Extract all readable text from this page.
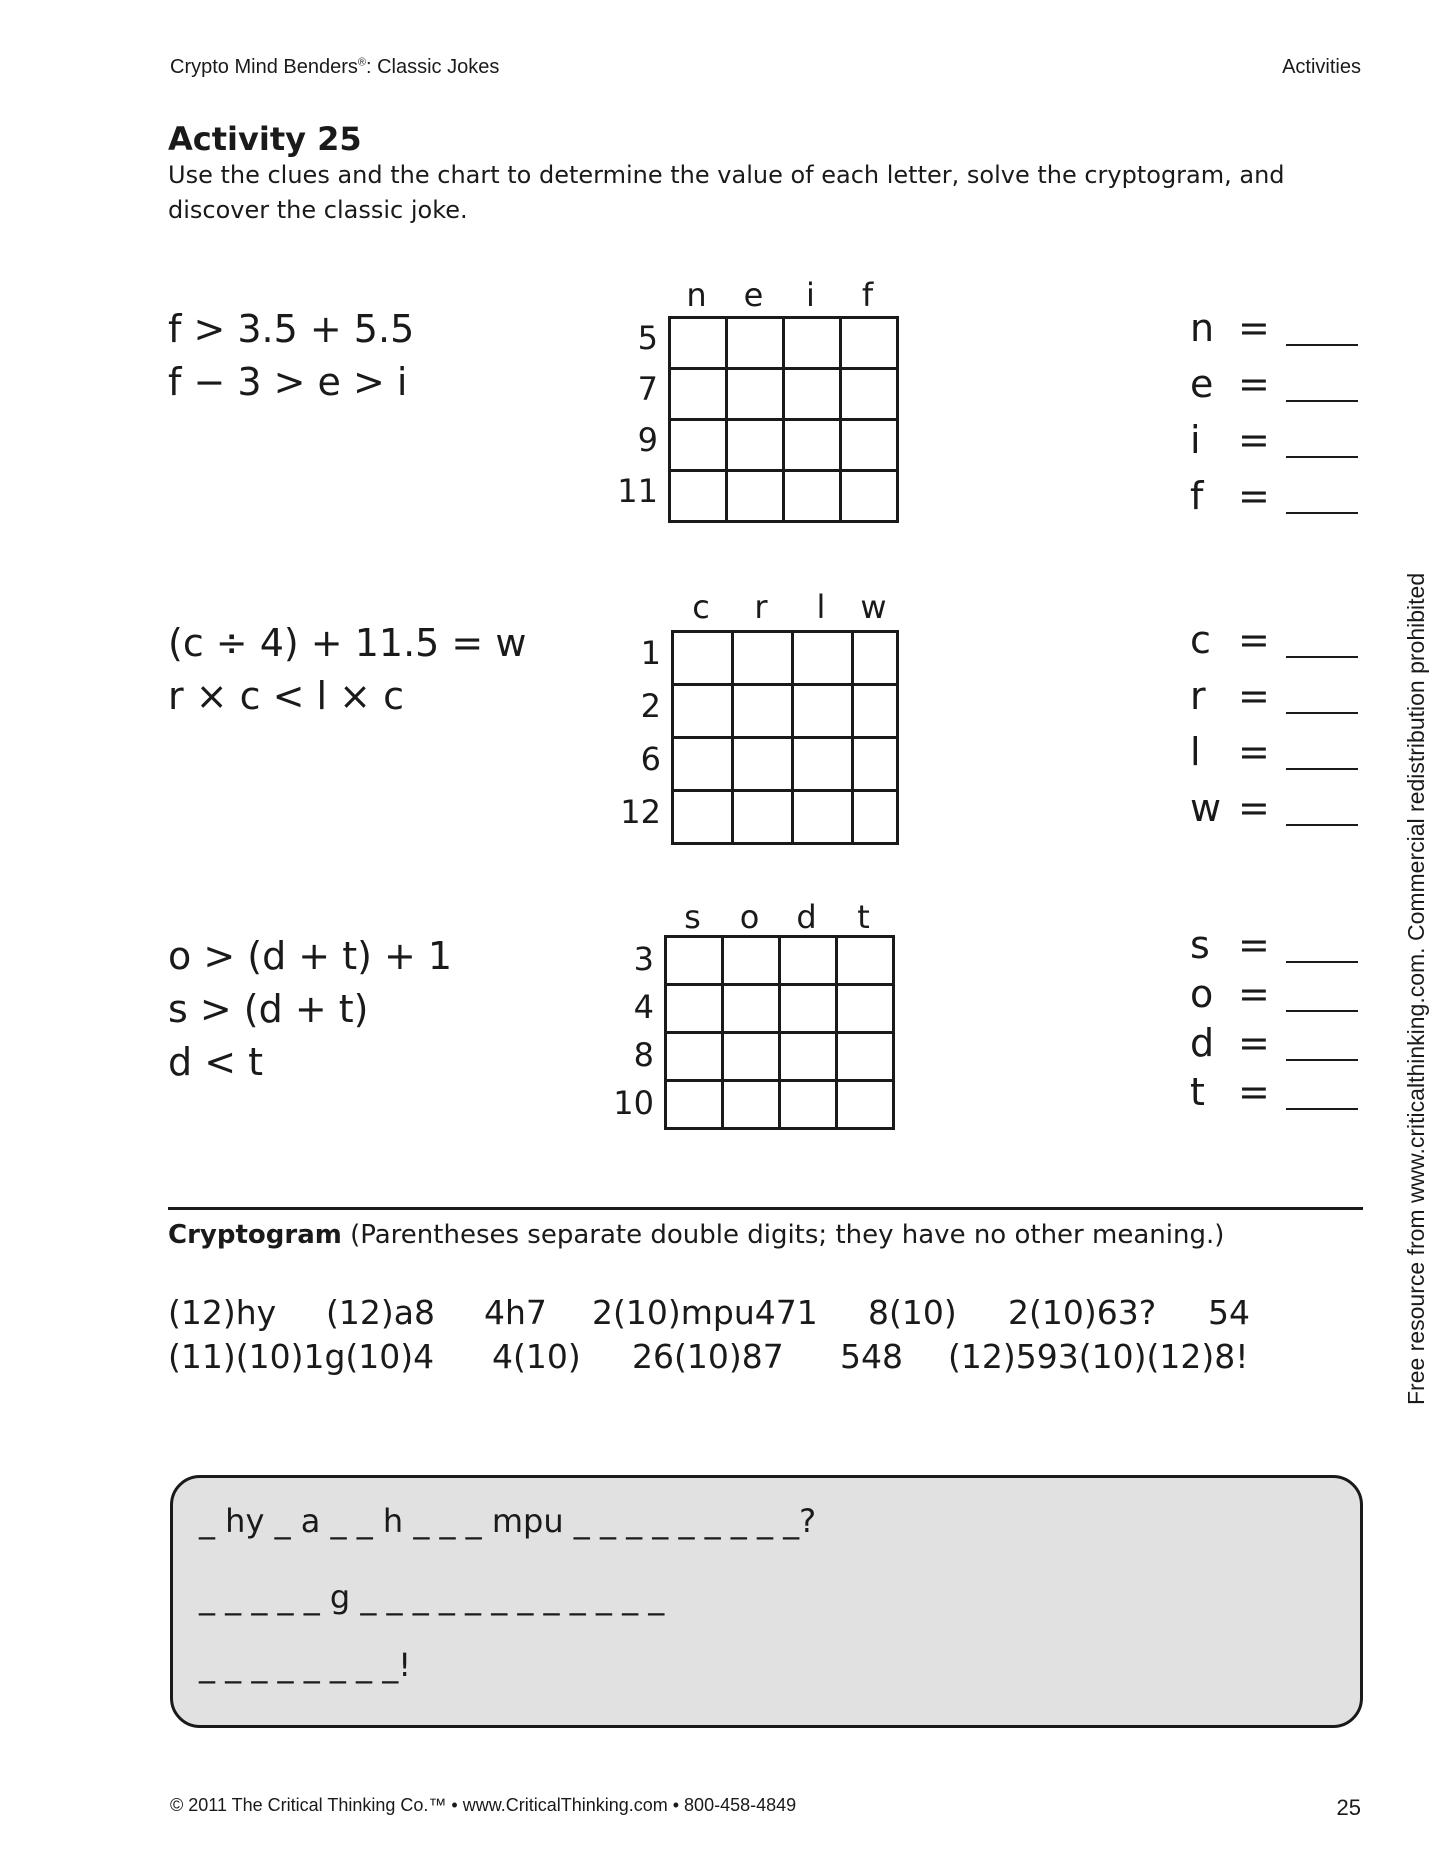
Crypto Mind Benders®: Classic Jokes	Activities
Activity 25
Use the clues and the chart to determine the value of each letter, solve the cryptogram, and discover the classic joke.
f > 3.5 + 5.5
f − 3 > e > i
n	e	i	f
5
7
9
11

n =
e =
i =
f =
(c ÷ 4) + 11.5 = w
r × c < l × c
c	r	l	w
1
2
6
12

c =
r =
l =
w =
o > (d + t) + 1
s > (d + t)
d < t
s	o	d	t
3
4
8
10

s =
o =
d =
t =
Cryptogram (Parentheses separate double digits; they have no other meaning.)
(12)hy (12)a8 4h7 2(10)mpu471 8(10) 2(10)63? 54
(11)(10)1g(10)4 4(10) 26(10)87 548 (12)593(10)(12)8!
_ hy _ a _ _ h _ _ _ mpu _ _ _ _ _ _ _ _ _?
_ _ _ _ _ g _ _ _ _ _ _ _ _ _ _ _ _
_ _ _ _ _ _ _ _!
Free resource from www.criticalthinking.com. Commercial redistribution prohibited
© 2011 The Critical Thinking Co.™ • www.CriticalThinking.com • 800-458-4849	25
